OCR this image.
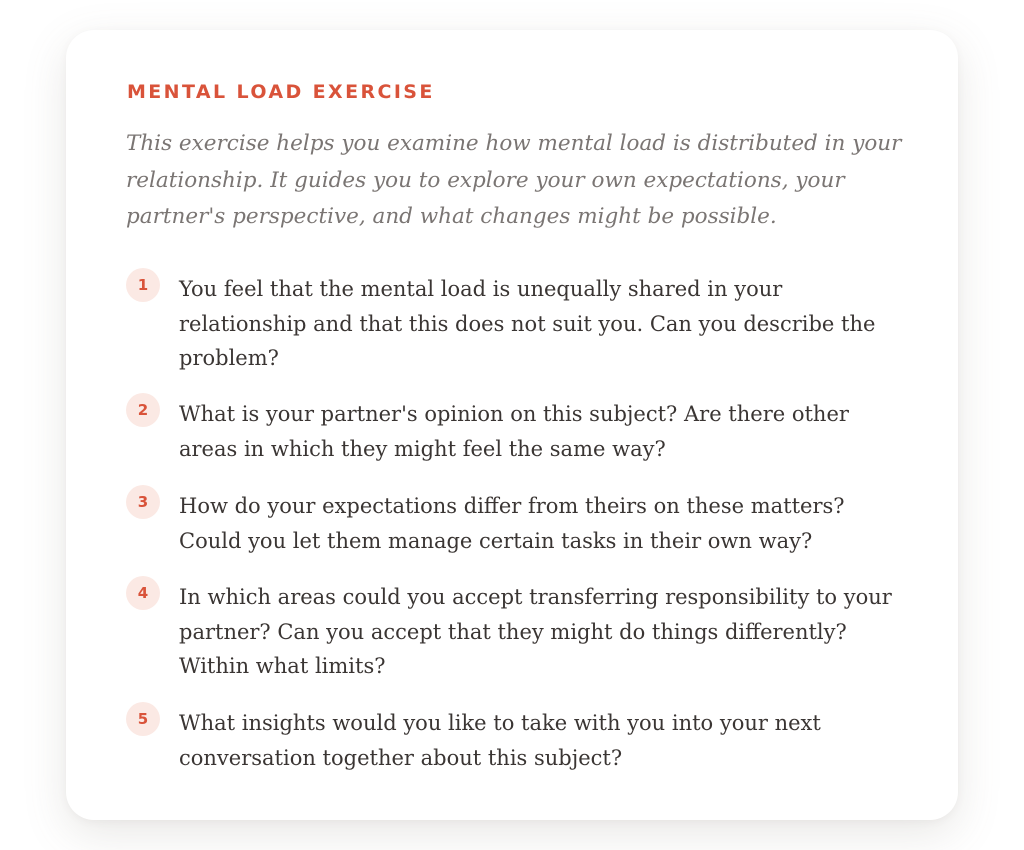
MENTAL LOAD EXERCISE

This exercise helps you examine how mental load is distributed in your relationship. It guides you to explore your own expectations, your partner's perspective, and what changes might be possible.

1	You feel that the mental load is unequally shared in your relationship and that this does not suit you. Can you describe the problem?

2	What is your partner's opinion on this subject? Are there other areas in which they might feel the same way?

3	How do your expectations differ from theirs on these matters? Could you let them manage certain tasks in their own way?

4	In which areas could you accept transferring responsibility to your partner? Can you accept that they might do things differently? Within what limits?

5	What insights would you like to take with you into your next conversation together about this subject?
